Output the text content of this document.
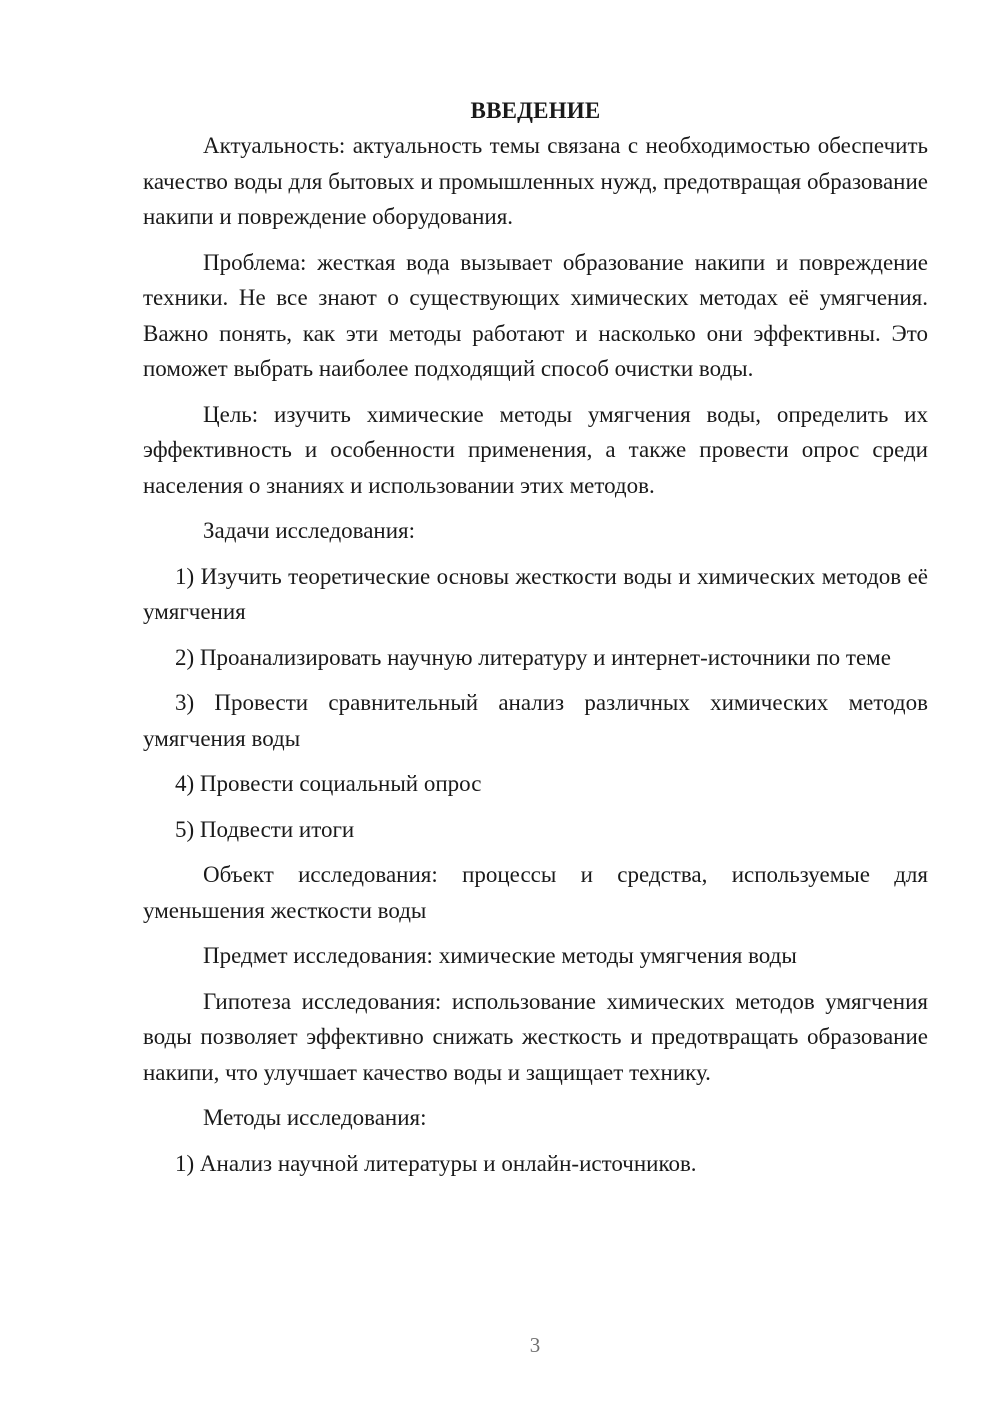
ВВЕДЕНИЕ

Актуальность: актуальность темы связана с необходимостью обеспечить качество воды для бытовых и промышленных нужд, предотвращая образование накипи и повреждение оборудования.

Проблема: жесткая вода вызывает образование накипи и повреждение техники. Не все знают о существующих химических методах её умягчения. Важно понять, как эти методы работают и насколько они эффективны. Это поможет выбрать наиболее подходящий способ очистки воды.

Цель: изучить химические методы умягчения воды, определить их эффективность и особенности применения, а также провести опрос среди населения о знаниях и использовании этих методов.

Задачи исследования:

1) Изучить теоретические основы жесткости воды и химических методов её умягчения

2) Проанализировать научную литературу и интернет-источники по теме

3) Провести сравнительный анализ различных химических методов умягчения воды

4) Провести социальный опрос

5) Подвести итоги

Объект исследования: процессы и средства, используемые для уменьшения жесткости воды

Предмет исследования: химические методы умягчения воды

Гипотеза исследования: использование химических методов умягчения воды позволяет эффективно снижать жесткость и предотвращать образование накипи, что улучшает качество воды и защищает технику.

Методы исследования:

1) Анализ научной литературы и онлайн-источников.

3
